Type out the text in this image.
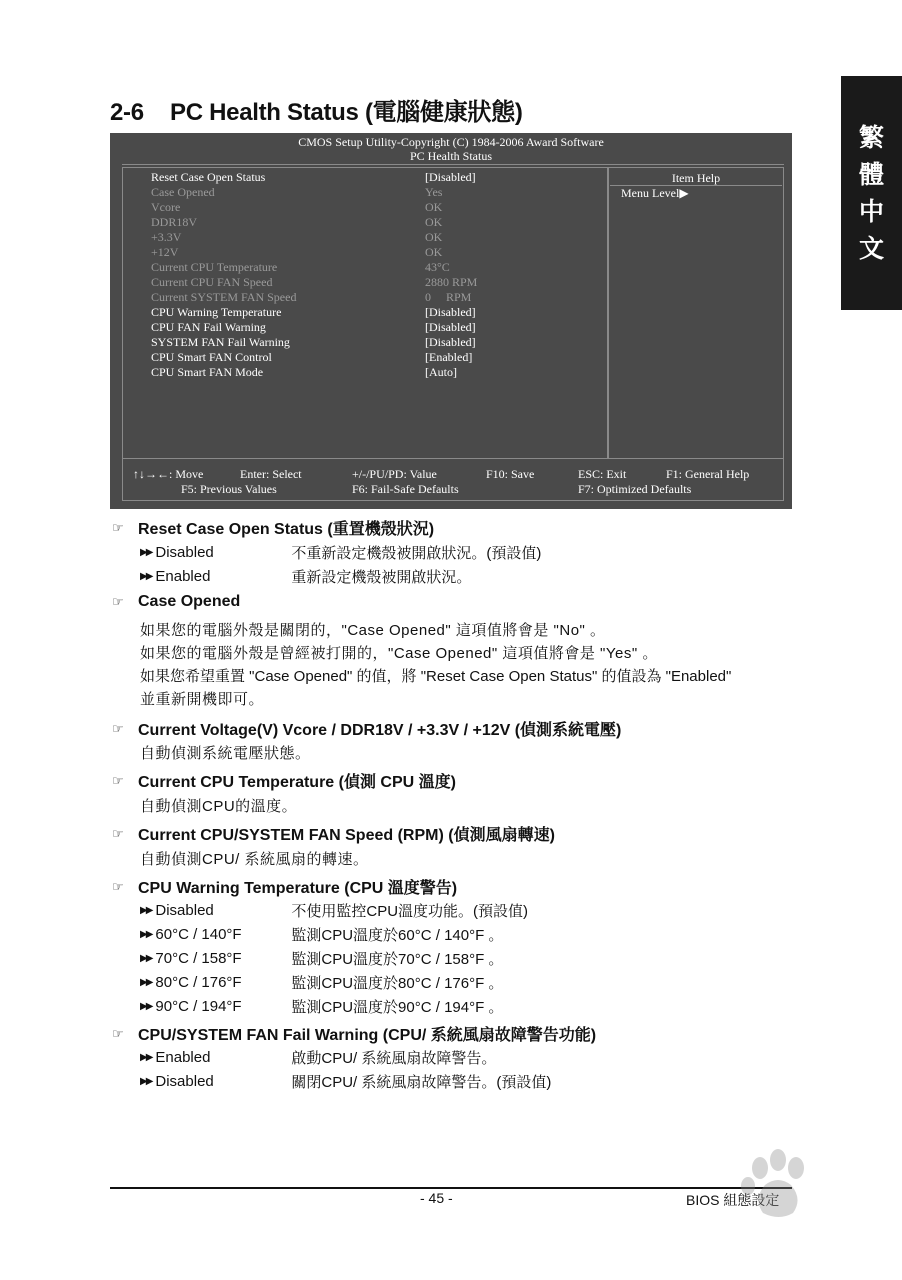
繁
體
中
文
2-6 PC Health Status (電腦健康狀態)
CMOS Setup Utility-Copyright (C) 1984-2006 Award Software
PC Health Status
Reset Case Open Status	[Disabled]
Case Opened	Yes
Vcore	OK
DDR18V	OK
+3.3V	OK
+12V	OK
Current CPU Temperature	43°C
Current CPU FAN Speed	2880 RPM
Current SYSTEM FAN Speed	0     RPM
CPU Warning Temperature	[Disabled]
CPU FAN Fail Warning	[Disabled]
SYSTEM FAN Fail Warning	[Disabled]
CPU Smart FAN Control	[Enabled]
CPU Smart FAN Mode	[Auto]
Item Help
Menu Level▶
↑↓→←: Move	Enter: Select	+/-/PU/PD: Value	F10: Save	ESC: Exit	F1: General Help
F5: Previous Values	F6: Fail-Safe Defaults	F7: Optimized Defaults
☞ Reset Case Open Status (重置機殼狀況)
▶▶ Disabled	不重新設定機殼被開啟狀況。(預設值)
▶▶ Enabled	重新設定機殼被開啟狀況。
☞ Case Opened
如果您的電腦外殼是關閉的，"Case Opened" 這項值將會是 "No" 。
如果您的電腦外殼是曾經被打開的，"Case Opened" 這項值將會是 "Yes" 。
如果您希望重置 "Case Opened" 的值，將 "Reset Case Open Status" 的值設為 "Enabled"
並重新開機即可。
☞ Current Voltage(V) Vcore / DDR18V / +3.3V / +12V (偵測系統電壓)
自動偵測系統電壓狀態。
☞ Current CPU Temperature (偵測 CPU 溫度)
自動偵測CPU的溫度。
☞ Current CPU/SYSTEM FAN Speed (RPM) (偵測風扇轉速)
自動偵測CPU/ 系統風扇的轉速。
☞ CPU Warning Temperature (CPU 溫度警告)
▶▶ Disabled	不使用監控CPU溫度功能。(預設值)
▶▶ 60°C / 140°F	監測CPU溫度於60°C / 140°F 。
▶▶ 70°C / 158°F	監測CPU溫度於70°C / 158°F 。
▶▶ 80°C / 176°F	監測CPU溫度於80°C / 176°F 。
▶▶ 90°C / 194°F	監測CPU溫度於90°C / 194°F 。
☞ CPU/SYSTEM FAN Fail Warning (CPU/ 系統風扇故障警告功能)
▶▶ Enabled	啟動CPU/ 系統風扇故障警告。
▶▶ Disabled	關閉CPU/ 系統風扇故障警告。(預設值)
- 45 -	BIOS 組態設定
